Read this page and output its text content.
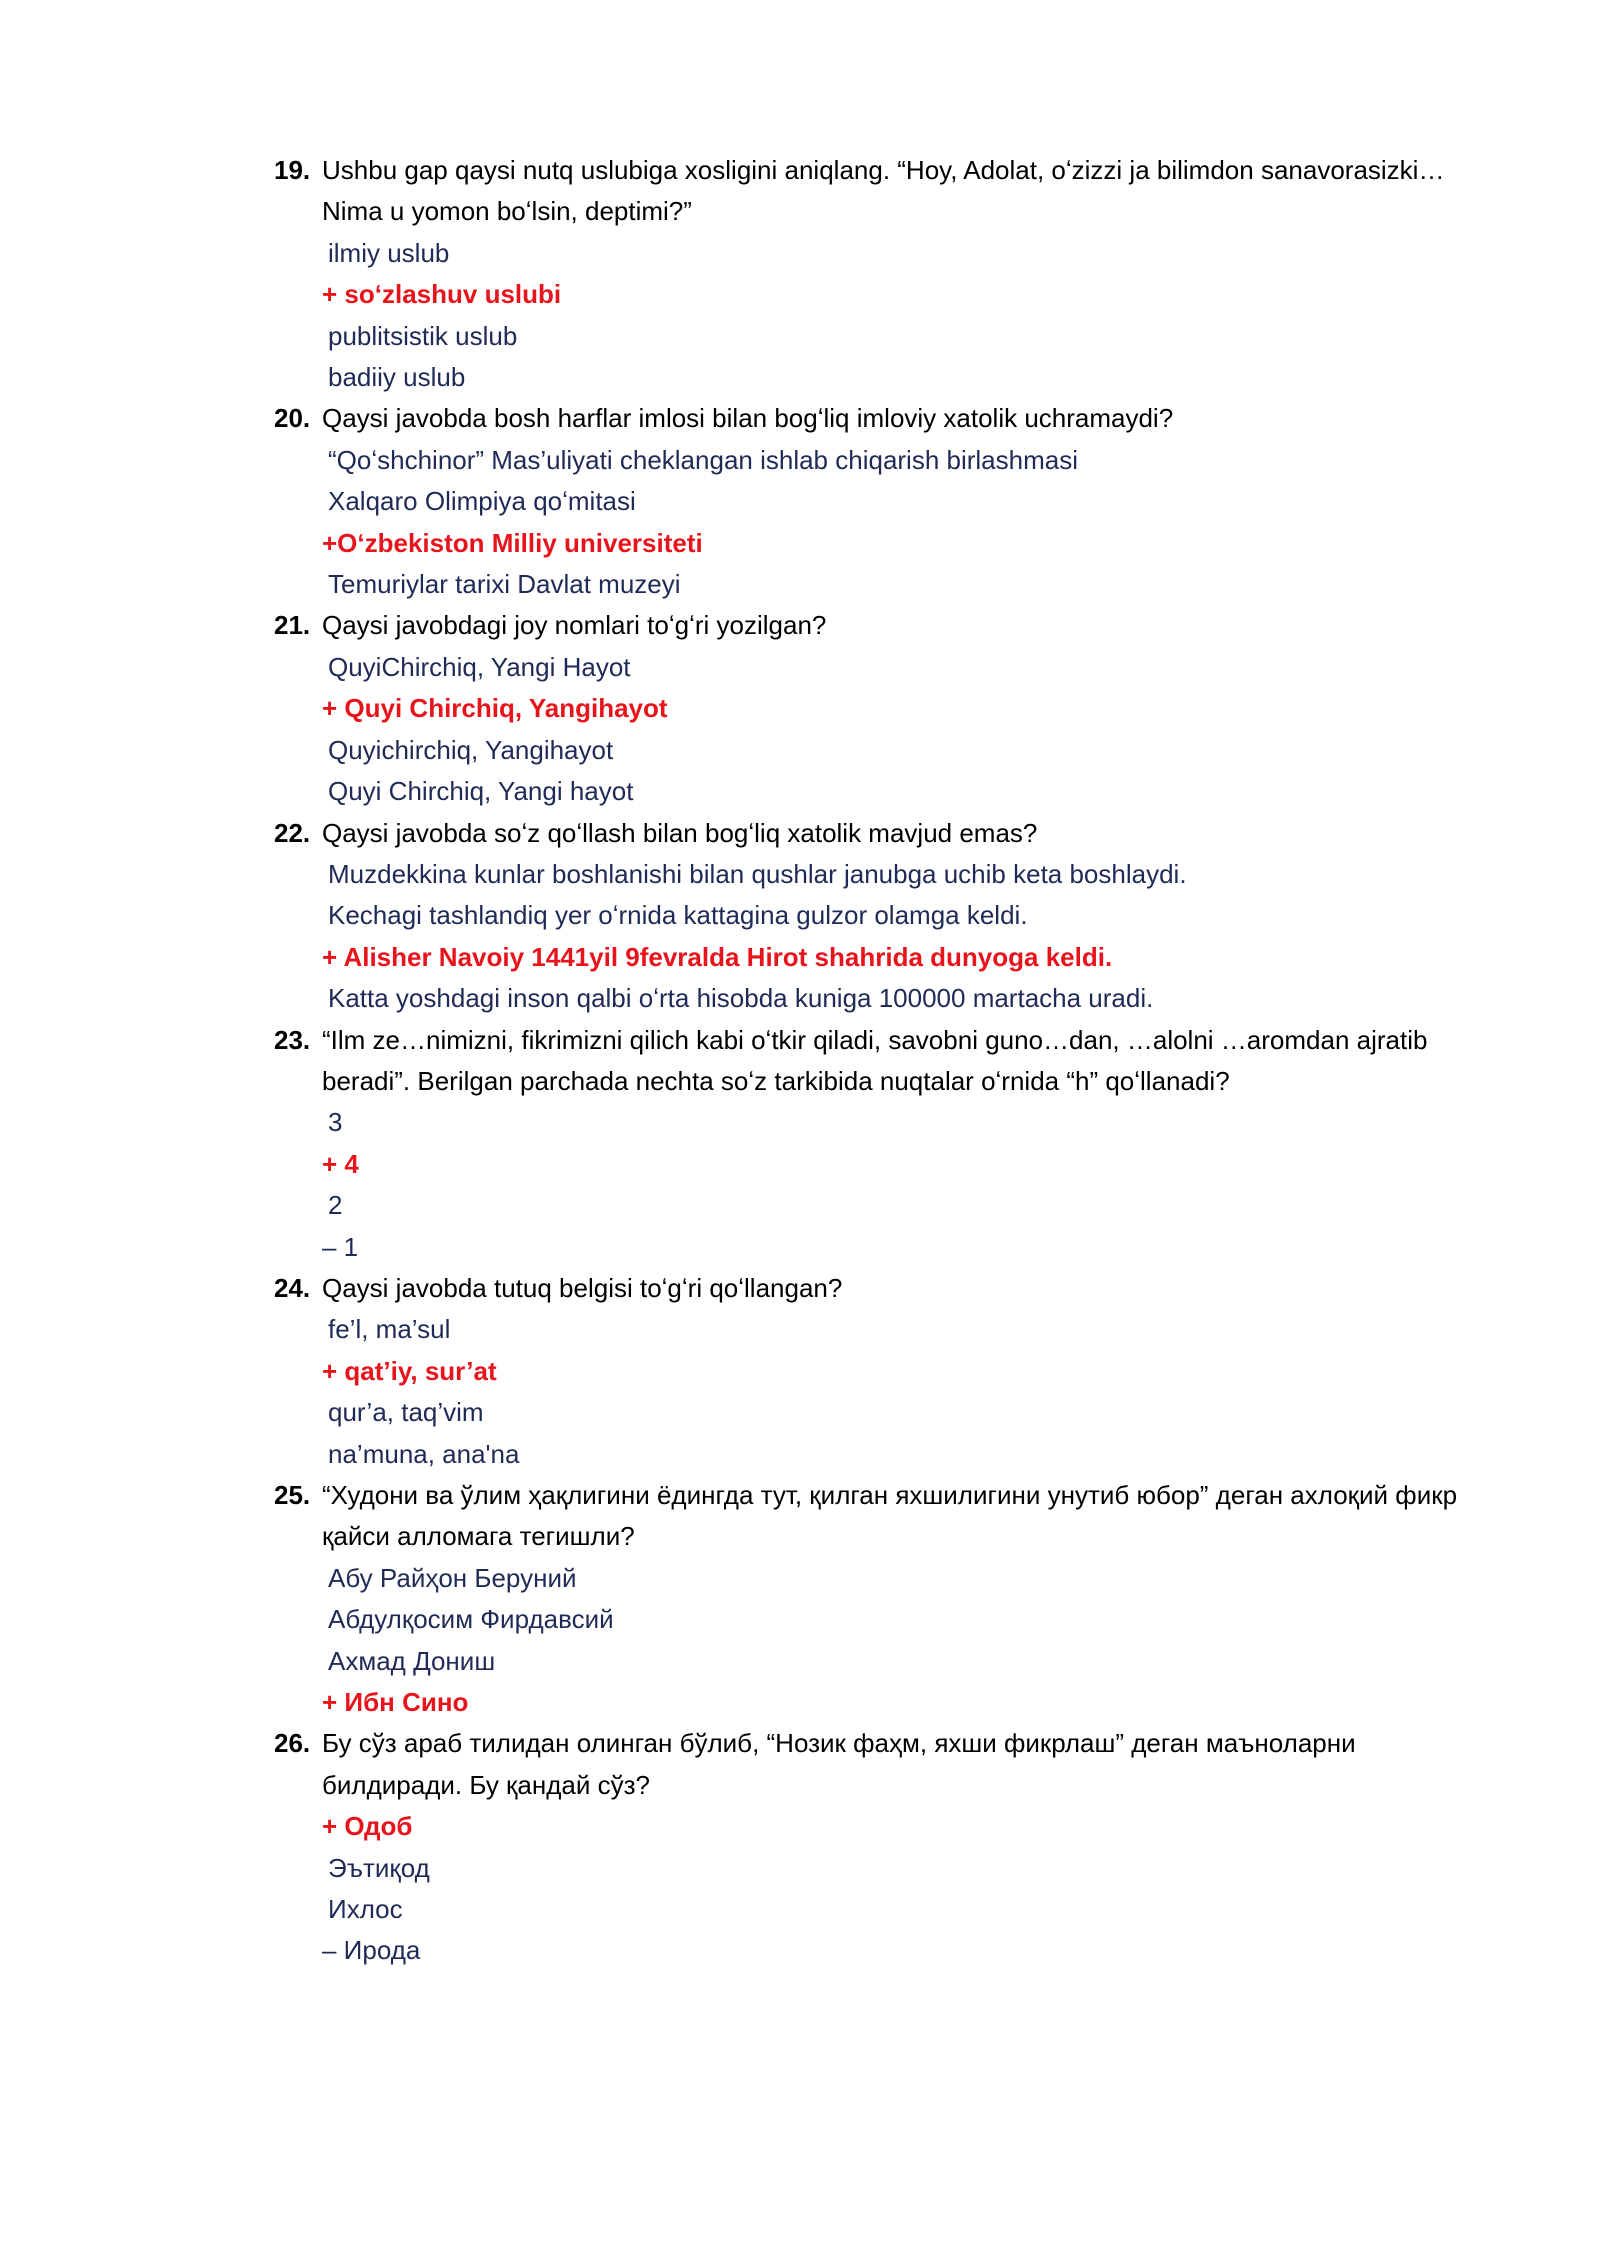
19. Ushbu gap qaysi nutq uslubiga xosligini aniqlang. “Hoy, Adolat, oʻzizzi ja bilimdon sanavorasizki… Nima u yomon boʻlsin, deptimi?”
ilmiy uslub
+ soʻzlashuv uslubi
publitsistik uslub
badiiy uslub
20. Qaysi javobda bosh harflar imlosi bilan bogʻliq imloviy xatolik uchramaydi?
“Qoʻshchinor” Mas’uliyati cheklangan ishlab chiqarish birlashmasi
Xalqaro Olimpiya qoʻmitasi
+Oʻzbekiston Milliy universiteti
Temuriylar tarixi Davlat muzeyi
21. Qaysi javobdagi joy nomlari toʻgʻri yozilgan?
QuyiChirchiq, Yangi Hayot
+ Quyi Chirchiq, Yangihayot
Quyichirchiq, Yangihayot
Quyi Chirchiq, Yangi hayot
22. Qaysi javobda soʻz qoʻllash bilan bogʻliq xatolik mavjud emas?
Muzdekkina kunlar boshlanishi bilan qushlar janubga uchib keta boshlaydi.
Kechagi tashlandiq yer oʻrnida kattagina gulzor olamga keldi.
+ Alisher Navoiy 1441yil 9fevralda Hirot shahrida dunyoga keldi.
Katta yoshdagi inson qalbi oʻrta hisobda kuniga 100000 martacha uradi.
23. “Ilm ze…nimizni, fikrimizni qilich kabi oʻtkir qiladi, savobni guno…dan, …alolni …aromdan ajratib beradi”. Berilgan parchada nechta soʻz tarkibida nuqtalar oʻrnida “h” qoʻllanadi?
3
+ 4
2
– 1
24. Qaysi javobda tutuq belgisi toʻgʻri qoʻllangan?
fe’l, ma’sul
+ qat’iy, sur’at
qur’a, taq’vim
na’muna, ana'na
25. “Худони ва ўлим ҳақлигини ёдингда тут, қилган яхшилигини унутиб юбор” деган ахлоқий фикр қайси алломага тегишли?
Абу Райҳон Беруний
Абдулқосим Фирдавсий
Ахмад Дониш
+ Ибн Сино
26. Бу сўз араб тилидан олинган бўлиб, “Нозик фаҳм, яхши фикрлаш” деган маъноларни билдиради. Бу қандай сўз?
+ Одоб
Эътиқод
Ихлос
– Ирода
